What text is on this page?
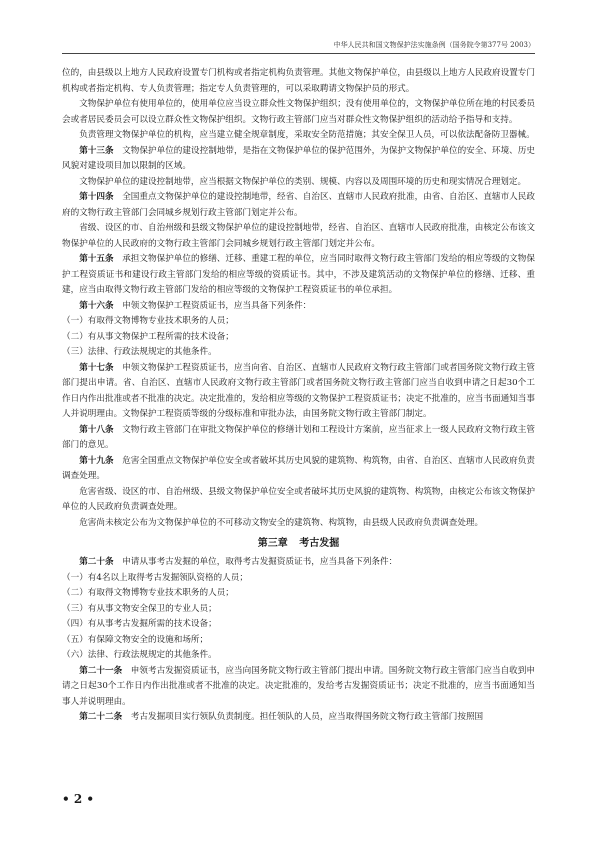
中华人民共和国文物保护法实施条例（国务院令第377号 2003）

位的，由县级以上地方人民政府设置专门机构或者指定机构负责管理。其他文物保护单位，由县级以上地方人民政府设置专门机构或者指定机构、专人负责管理；指定专人负责管理的，可以采取聘请文物保护员的形式。

文物保护单位有使用单位的，使用单位应当设立群众性文物保护组织；没有使用单位的，文物保护单位所在地的村民委员会或者居民委员会可以设立群众性文物保护组织。文物行政主管部门应当对群众性文物保护组织的活动给予指导和支持。

负责管理文物保护单位的机构，应当建立健全规章制度，采取安全防范措施；其安全保卫人员，可以依法配备防卫器械。

第十三条　 文物保护单位的建设控制地带，是指在文物保护单位的保护范围外，为保护文物保护单位的安全、环境、历史风貌对建设项目加以限制的区域。

文物保护单位的建设控制地带，应当根据文物保护单位的类别、规模、内容以及周围环境的历史和现实情况合理划定。

第十四条　 全国重点文物保护单位的建设控制地带，经省、自治区、直辖市人民政府批准，由省、自治区、直辖市人民政府的文物行政主管部门会同城乡规划行政主管部门划定并公布。

省级、设区的市、自治州级和县级文物保护单位的建设控制地带，经省、自治区、直辖市人民政府批准，由核定公布该文物保护单位的人民政府的文物行政主管部门会同城乡规划行政主管部门划定并公布。

第十五条　 承担文物保护单位的修缮、迁移、重建工程的单位，应当同时取得文物行政主管部门发给的相应等级的文物保护工程资质证书和建设行政主管部门发给的相应等级的资质证书。其中，不涉及建筑活动的文物保护单位的修缮、迁移、重建，应当由取得文物行政主管部门发给的相应等级的文物保护工程资质证书的单位承担。

第十六条　 申领文物保护工程资质证书，应当具备下列条件：

（一）有取得文物博物专业技术职务的人员；

（二）有从事文物保护工程所需的技术设备；

（三）法律、行政法规规定的其他条件。

第十七条　 申领文物保护工程资质证书，应当向省、自治区、直辖市人民政府文物行政主管部门或者国务院文物行政主管部门提出申请。省、自治区、直辖市人民政府文物行政主管部门或者国务院文物行政主管部门应当自收到申请之日起30个工作日内作出批准或者不批准的决定。决定批准的，发给相应等级的文物保护工程资质证书；决定不批准的，应当书面通知当事人并说明理由。文物保护工程资质等级的分级标准和审批办法，由国务院文物行政主管部门制定。

第十八条　 文物行政主管部门在审批文物保护单位的修缮计划和工程设计方案前，应当征求上一级人民政府文物行政主管部门的意见。

第十九条　 危害全国重点文物保护单位安全或者破坏其历史风貌的建筑物、构筑物，由省、自治区、直辖市人民政府负责调查处理。

危害省级、设区的市、自治州级、县级文物保护单位安全或者破坏其历史风貌的建筑物、构筑物，由核定公布该文物保护单位的人民政府负责调查处理。

危害尚未核定公布为文物保护单位的不可移动文物安全的建筑物、构筑物，由县级人民政府负责调查处理。

第三章 考古发掘

第二十条　 申请从事考古发掘的单位，取得考古发掘资质证书，应当具备下列条件：

（一）有4名以上取得考古发掘领队资格的人员；

（二）有取得文物博物专业技术职务的人员；

（三）有从事文物安全保卫的专业人员；

（四）有从事考古发掘所需的技术设备；

（五）有保障文物安全的设施和场所；

（六）法律、行政法规规定的其他条件。

第二十一条　 申领考古发掘资质证书，应当向国务院文物行政主管部门提出申请。国务院文物行政主管部门应当自收到申请之日起30个工作日内作出批准或者不批准的决定。决定批准的，发给考古发掘资质证书；决定不批准的，应当书面通知当事人并说明理由。

第二十二条　 考古发掘项目实行领队负责制度。担任领队的人员，应当取得国务院文物行政主管部门按照国

• 2 •
